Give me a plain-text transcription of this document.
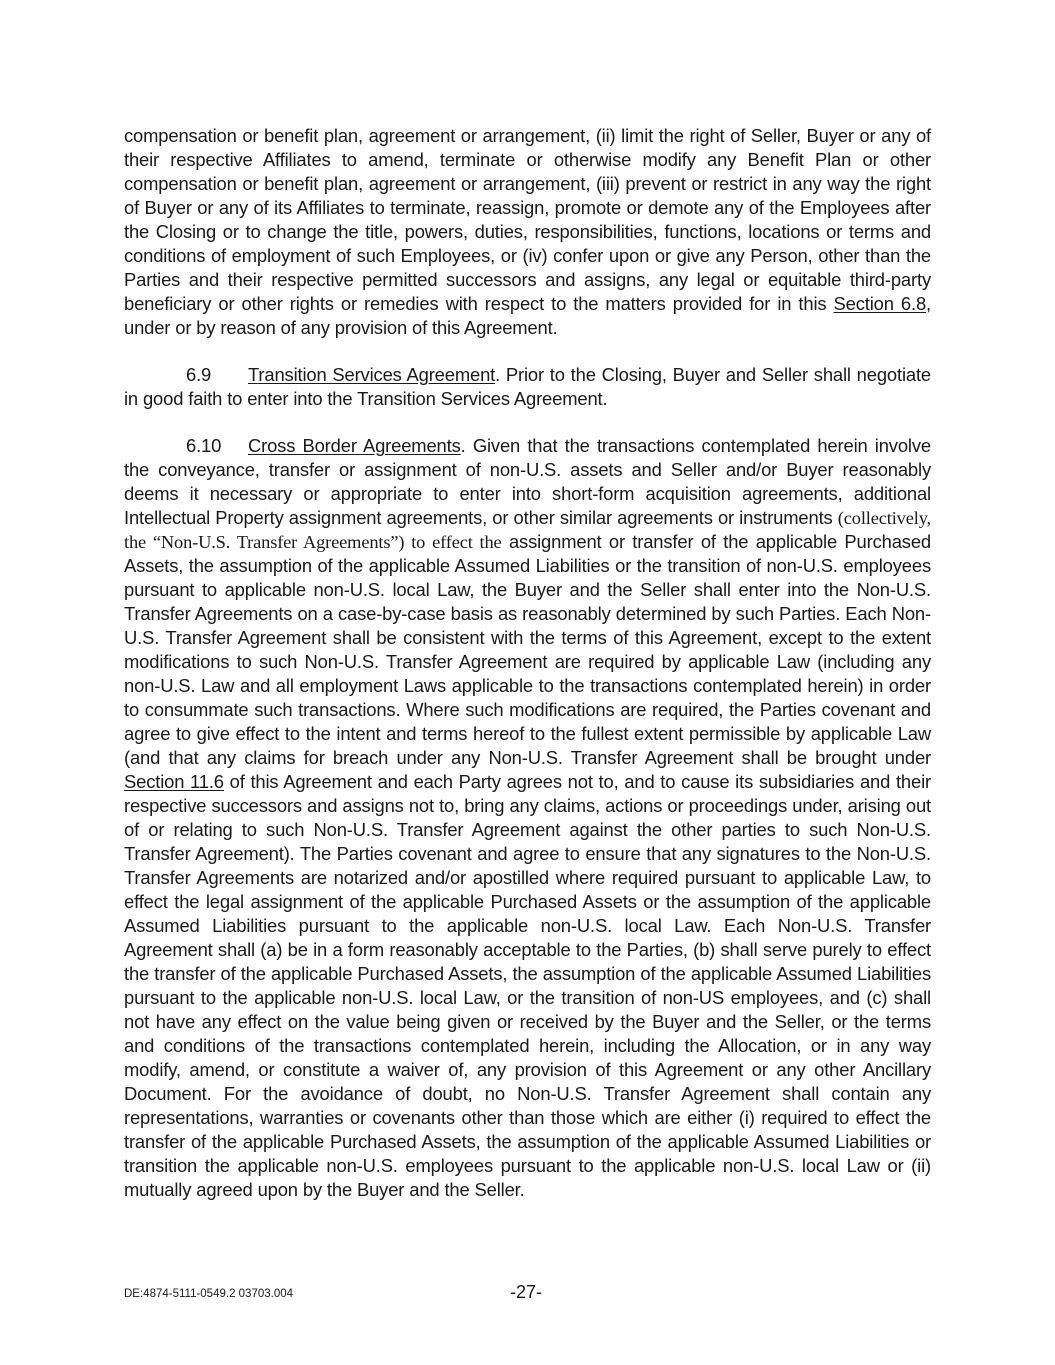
compensation or benefit plan, agreement or arrangement, (ii) limit the right of Seller, Buyer or any of their respective Affiliates to amend, terminate or otherwise modify any Benefit Plan or other compensation or benefit plan, agreement or arrangement, (iii) prevent or restrict in any way the right of Buyer or any of its Affiliates to terminate, reassign, promote or demote any of the Employees after the Closing or to change the title, powers, duties, responsibilities, functions, locations or terms and conditions of employment of such Employees, or (iv) confer upon or give any Person, other than the Parties and their respective permitted successors and assigns, any legal or equitable third-party beneficiary or other rights or remedies with respect to the matters provided for in this Section 6.8, under or by reason of any provision of this Agreement.

6.9 Transition Services Agreement. Prior to the Closing, Buyer and Seller shall negotiate in good faith to enter into the Transition Services Agreement.

6.10 Cross Border Agreements. Given that the transactions contemplated herein involve the conveyance, transfer or assignment of non-U.S. assets and Seller and/or Buyer reasonably deems it necessary or appropriate to enter into short-form acquisition agreements, additional Intellectual Property assignment agreements, or other similar agreements or instruments (collectively, the “Non-U.S. Transfer Agreements”) to effect the assignment or transfer of the applicable Purchased Assets, the assumption of the applicable Assumed Liabilities or the transition of non-U.S. employees pursuant to applicable non-U.S. local Law, the Buyer and the Seller shall enter into the Non-U.S. Transfer Agreements on a case-by-case basis as reasonably determined by such Parties. Each Non-U.S. Transfer Agreement shall be consistent with the terms of this Agreement, except to the extent modifications to such Non-U.S. Transfer Agreement are required by applicable Law (including any non-U.S. Law and all employment Laws applicable to the transactions contemplated herein) in order to consummate such transactions. Where such modifications are required, the Parties covenant and agree to give effect to the intent and terms hereof to the fullest extent permissible by applicable Law (and that any claims for breach under any Non-U.S. Transfer Agreement shall be brought under Section 11.6 of this Agreement and each Party agrees not to, and to cause its subsidiaries and their respective successors and assigns not to, bring any claims, actions or proceedings under, arising out of or relating to such Non-U.S. Transfer Agreement against the other parties to such Non-U.S. Transfer Agreement). The Parties covenant and agree to ensure that any signatures to the Non-U.S. Transfer Agreements are notarized and/or apostilled where required pursuant to applicable Law, to effect the legal assignment of the applicable Purchased Assets or the assumption of the applicable Assumed Liabilities pursuant to the applicable non-U.S. local Law. Each Non-U.S. Transfer Agreement shall (a) be in a form reasonably acceptable to the Parties, (b) shall serve purely to effect the transfer of the applicable Purchased Assets, the assumption of the applicable Assumed Liabilities pursuant to the applicable non-U.S. local Law, or the transition of non-US employees, and (c) shall not have any effect on the value being given or received by the Buyer and the Seller, or the terms and conditions of the transactions contemplated herein, including the Allocation, or in any way modify, amend, or constitute a waiver of, any provision of this Agreement or any other Ancillary Document. For the avoidance of doubt, no Non-U.S. Transfer Agreement shall contain any representations, warranties or covenants other than those which are either (i) required to effect the transfer of the applicable Purchased Assets, the assumption of the applicable Assumed Liabilities or transition the applicable non-U.S. employees pursuant to the applicable non-U.S. local Law or (ii) mutually agreed upon by the Buyer and the Seller.

DE:4874-5111-0549.2 03703.004	-27-
